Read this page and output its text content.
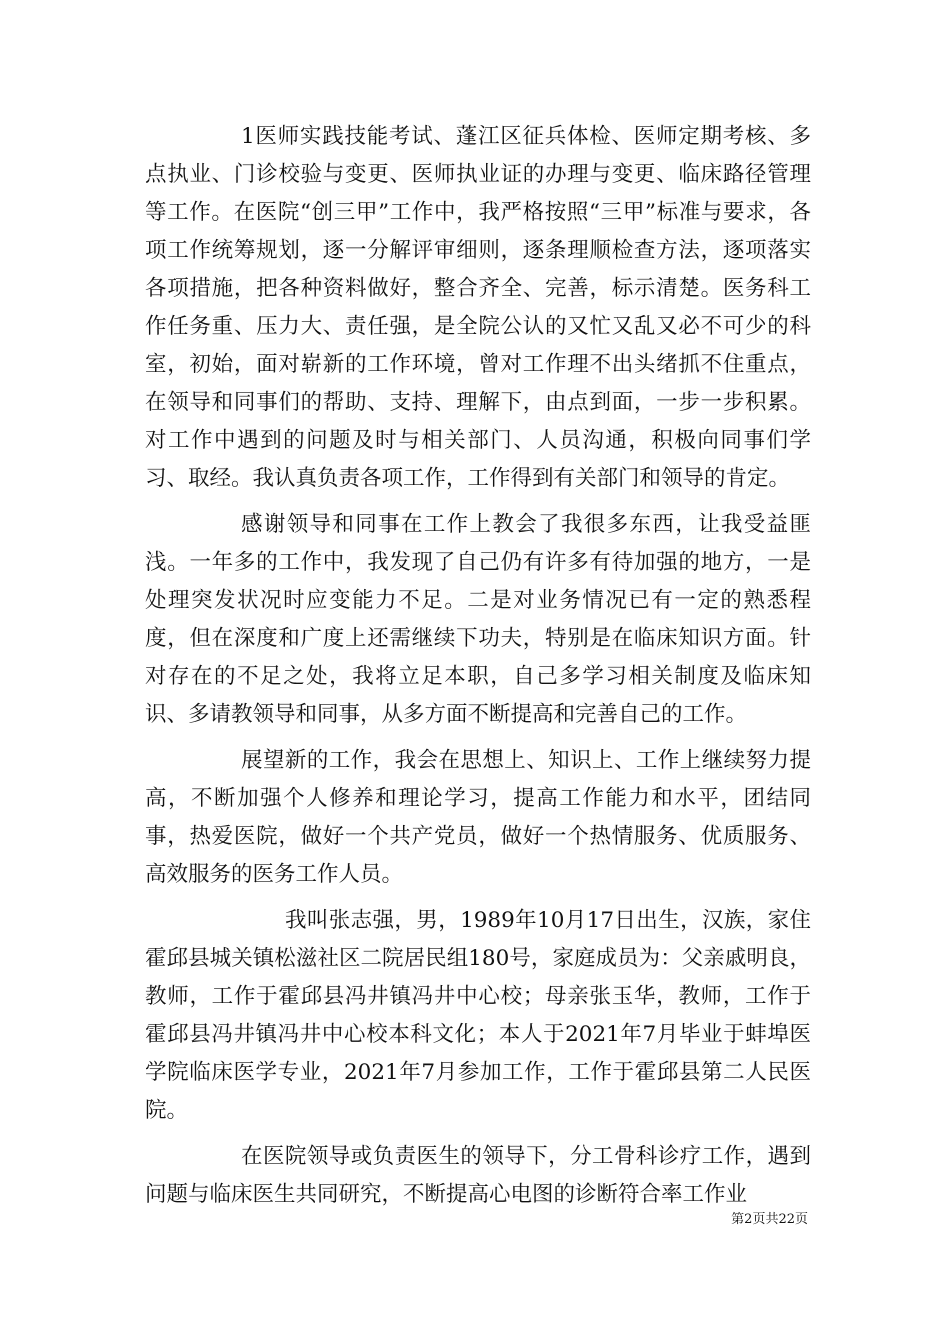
1医师实践技能考试、蓬江区征兵体检、医师定期考核、多点执业、门诊校验与变更、医师执业证的办理与变更、临床路径管理等工作。在医院“创三甲”工作中，我严格按照“三甲”标准与要求，各项工作统筹规划，逐一分解评审细则，逐条理顺检查方法，逐项落实各项措施，把各种资料做好，整合齐全、完善，标示清楚。医务科工作任务重、压力大、责任强，是全院公认的又忙又乱又必不可少的科室，初始，面对崭新的工作环境，曾对工作理不出头绪抓不住重点，在领导和同事们的帮助、支持、理解下，由点到面，一步一步积累。对工作中遇到的问题及时与相关部门、人员沟通，积极向同事们学习、取经。我认真负责各项工作，工作得到有关部门和领导的肯定。

感谢领导和同事在工作上教会了我很多东西，让我受益匪浅。一年多的工作中，我发现了自己仍有许多有待加强的地方，一是处理突发状况时应变能力不足。二是对业务情况已有一定的熟悉程度，但在深度和广度上还需继续下功夫，特别是在临床知识方面。针对存在的不足之处，我将立足本职，自己多学习相关制度及临床知识、多请教领导和同事，从多方面不断提高和完善自己的工作。

展望新的工作，我会在思想上、知识上、工作上继续努力提高，不断加强个人修养和理论学习，提高工作能力和水平，团结同事，热爱医院，做好一个共产党员，做好一个热情服务、优质服务、高效服务的医务工作人员。

我叫张志强，男，1989年10月17日出生，汉族，家住霍邱县城关镇松滋社区二院居民组180号，家庭成员为：父亲戚明良，教师，工作于霍邱县冯井镇冯井中心校；母亲张玉华，教师，工作于霍邱县冯井镇冯井中心校本科文化；本人于2021年7月毕业于蚌埠医学院临床医学专业，2021年7月参加工作，工作于霍邱县第二人民医院。

在医院领导或负责医生的领导下，分工骨科诊疗工作，遇到问题与临床医生共同研究，不断提高心电图的诊断符合率工作业

第2页共22页
